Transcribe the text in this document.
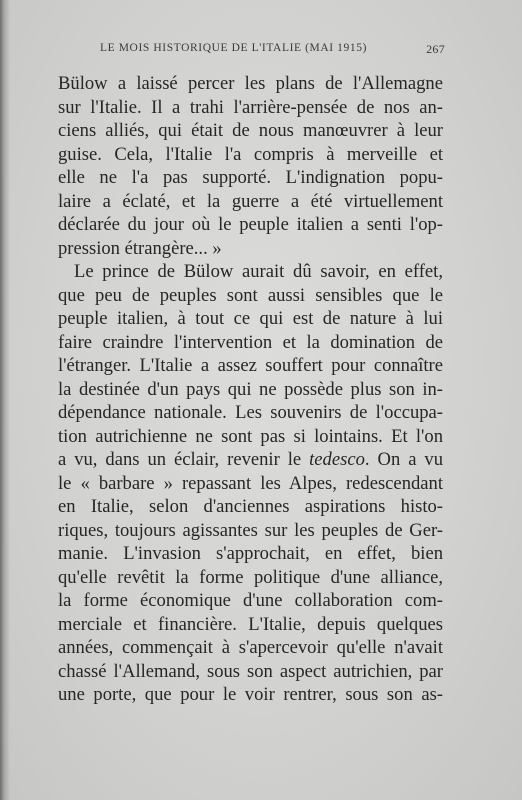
LE MOIS HISTORIQUE DE L'ITALIE (MAI 1915)	267
Bülow a laissé percer les plans de l'Allemagne
sur l'Italie. Il a trahi l'arrière-pensée de nos an-
ciens alliés, qui était de nous manœuvrer à leur
guise. Cela, l'Italie l'a compris à merveille et
elle ne l'a pas supporté. L'indignation popu-
laire a éclaté, et la guerre a été virtuellement
déclarée du jour où le peuple italien a senti l'op-
pression étrangère... »
Le prince de Bülow aurait dû savoir, en effet,
que peu de peuples sont aussi sensibles que le
peuple italien, à tout ce qui est de nature à lui
faire craindre l'intervention et la domination de
l'étranger. L'Italie a assez souffert pour connaître
la destinée d'un pays qui ne possède plus son in-
dépendance nationale. Les souvenirs de l'occupa-
tion autrichienne ne sont pas si lointains. Et l'on
a vu, dans un éclair, revenir le tedesco. On a vu
le « barbare » repassant les Alpes, redescendant
en Italie, selon d'anciennes aspirations histo-
riques, toujours agissantes sur les peuples de Ger-
manie. L'invasion s'approchait, en effet, bien
qu'elle revêtit la forme politique d'une alliance,
la forme économique d'une collaboration com-
merciale et financière. L'Italie, depuis quelques
années, commençait à s'apercevoir qu'elle n'avait
chassé l'Allemand, sous son aspect autrichien, par
une porte, que pour le voir rentrer, sous son as-
